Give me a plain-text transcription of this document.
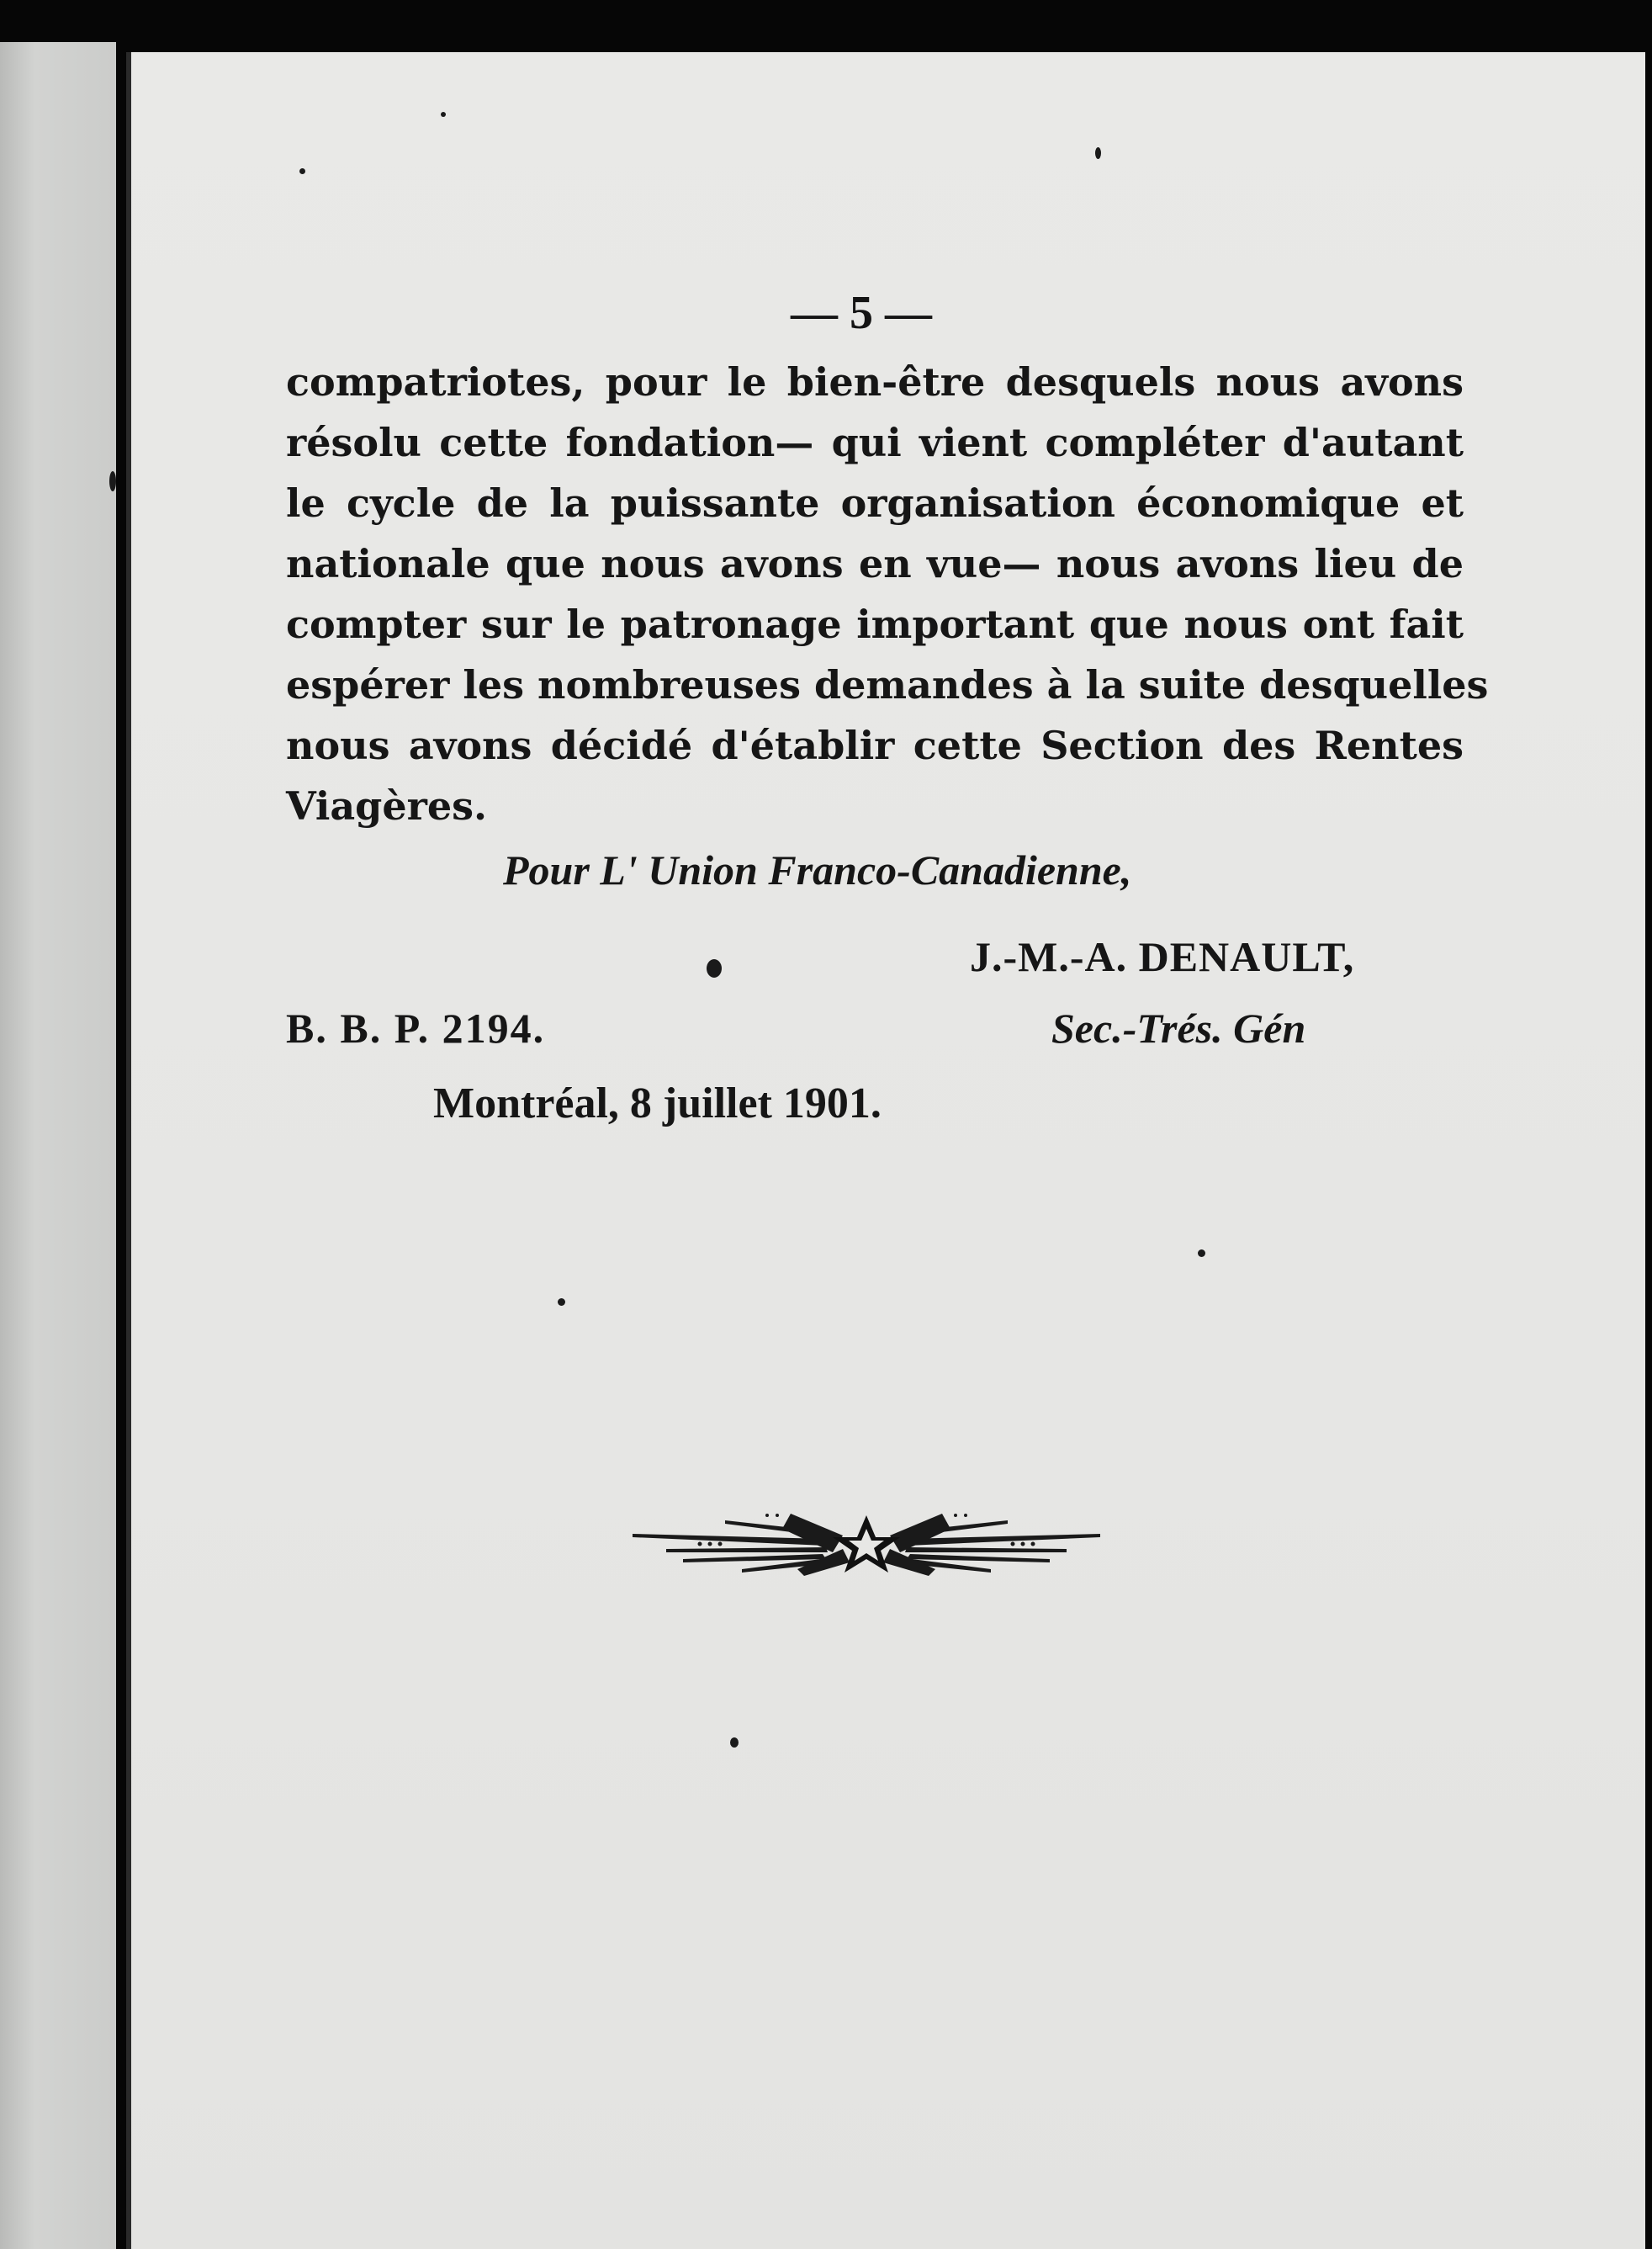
— 5 —
compatriotes, pour le bien-être desquels nous avons
résolu cette fondation— qui vient compléter d'autant
le cycle de la puissante organisation économique et
nationale que nous avons en vue— nous avons lieu de
compter sur le patronage important que nous ont fait
espérer les nombreuses demandes à la suite desquelles
nous avons décidé d'établir cette Section des Rentes
Viagères.
Pour L' Union Franco-Canadienne,
J.-M.-A. DENAULT,
B. B. P. 2194.	Sec.-Trés. Gén
Montréal, 8 juillet 1901.
